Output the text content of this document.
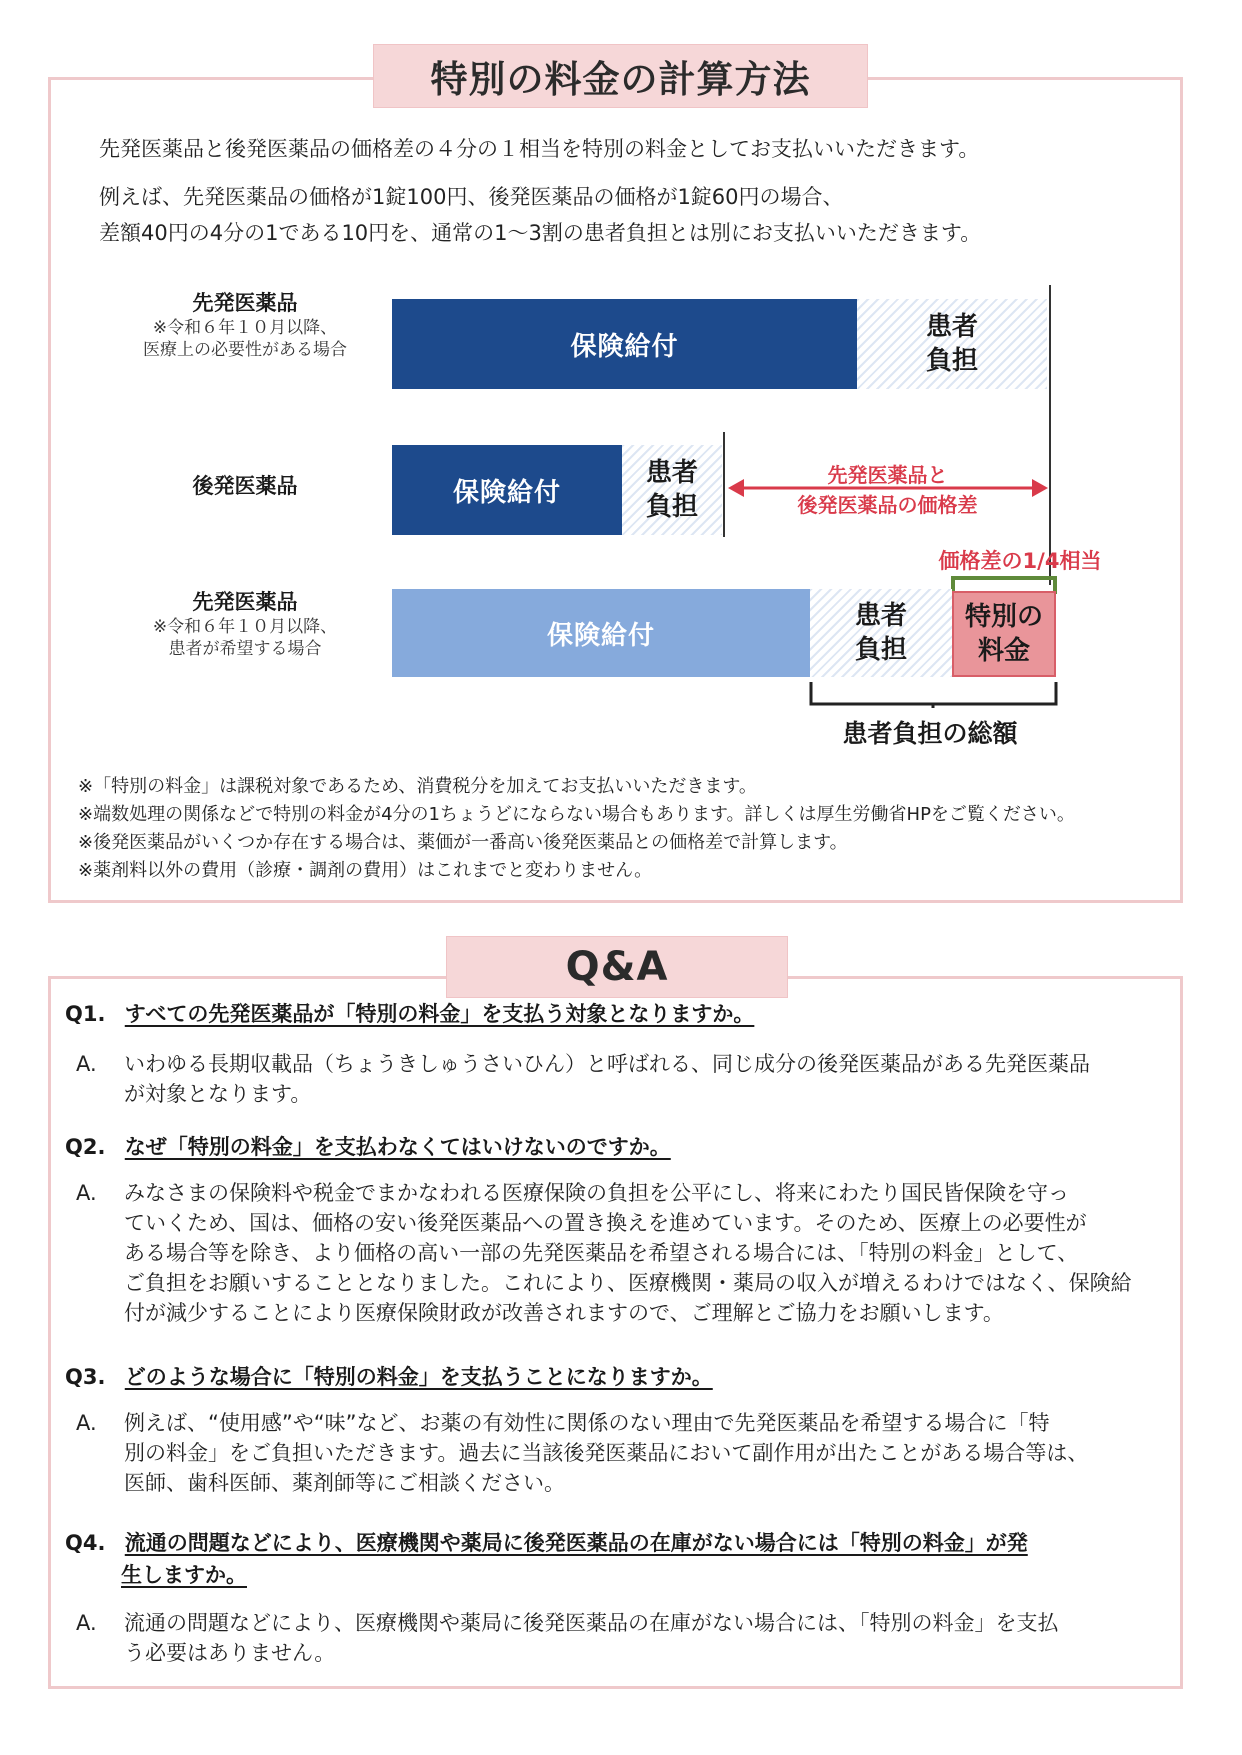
特別の料金の計算方法
先発医薬品と後発医薬品の価格差の４分の１相当を特別の料金としてお支払いいただきます。
例えば、先発医薬品の価格が1錠100円、後発医薬品の価格が1錠60円の場合、
差額40円の4分の1である10円を、通常の1～3割の患者負担とは別にお支払いいただきます。
先発医薬品
※令和６年１０月以降、
医療上の必要性がある場合	保険給付
患者
負担
後発医薬品	保険給付
患者
負担
先発医薬品と
後発医薬品の価格差
価格差の1/4相当
先発医薬品
※令和６年１０月以降、
患者が希望する場合	保険給付
患者
負担
特別の
料金
患者負担の総額
※「特別の料金」は課税対象であるため、消費税分を加えてお支払いいただきます。
※端数処理の関係などで特別の料金が4分の1ちょうどにならない場合もあります。詳しくは厚生労働省HPをご覧ください。
※後発医薬品がいくつか存在する場合は、薬価が一番高い後発医薬品との価格差で計算します。
※薬剤料以外の費用（診療・調剤の費用）はこれまでと変わりません。
Q&A
Q1. すべての先発医薬品が「特別の料金」を支払う対象となりますか。
A. いわゆる長期収載品（ちょうきしゅうさいひん）と呼ばれる、同じ成分の後発医薬品がある先発医薬品
が対象となります。
Q2. なぜ「特別の料金」を支払わなくてはいけないのですか。
A. みなさまの保険料や税金でまかなわれる医療保険の負担を公平にし、将来にわたり国民皆保険を守っ
ていくため、国は、価格の安い後発医薬品への置き換えを進めています。そのため、医療上の必要性が
ある場合等を除き、より価格の高い一部の先発医薬品を希望される場合には、「特別の料金」として、
ご負担をお願いすることとなりました。これにより、医療機関・薬局の収入が増えるわけではなく、保険給
付が減少することにより医療保険財政が改善されますので、ご理解とご協力をお願いします。
Q3. どのような場合に「特別の料金」を支払うことになりますか。
A. 例えば、“使用感”や“味”など、お薬の有効性に関係のない理由で先発医薬品を希望する場合に「特
別の料金」をご負担いただきます。過去に当該後発医薬品において副作用が出たことがある場合等は、
医師、歯科医師、薬剤師等にご相談ください。
Q4. 流通の問題などにより、医療機関や薬局に後発医薬品の在庫がない場合には「特別の料金」が発
生しますか。
A. 流通の問題などにより、医療機関や薬局に後発医薬品の在庫がない場合には、「特別の料金」を支払
う必要はありません。
